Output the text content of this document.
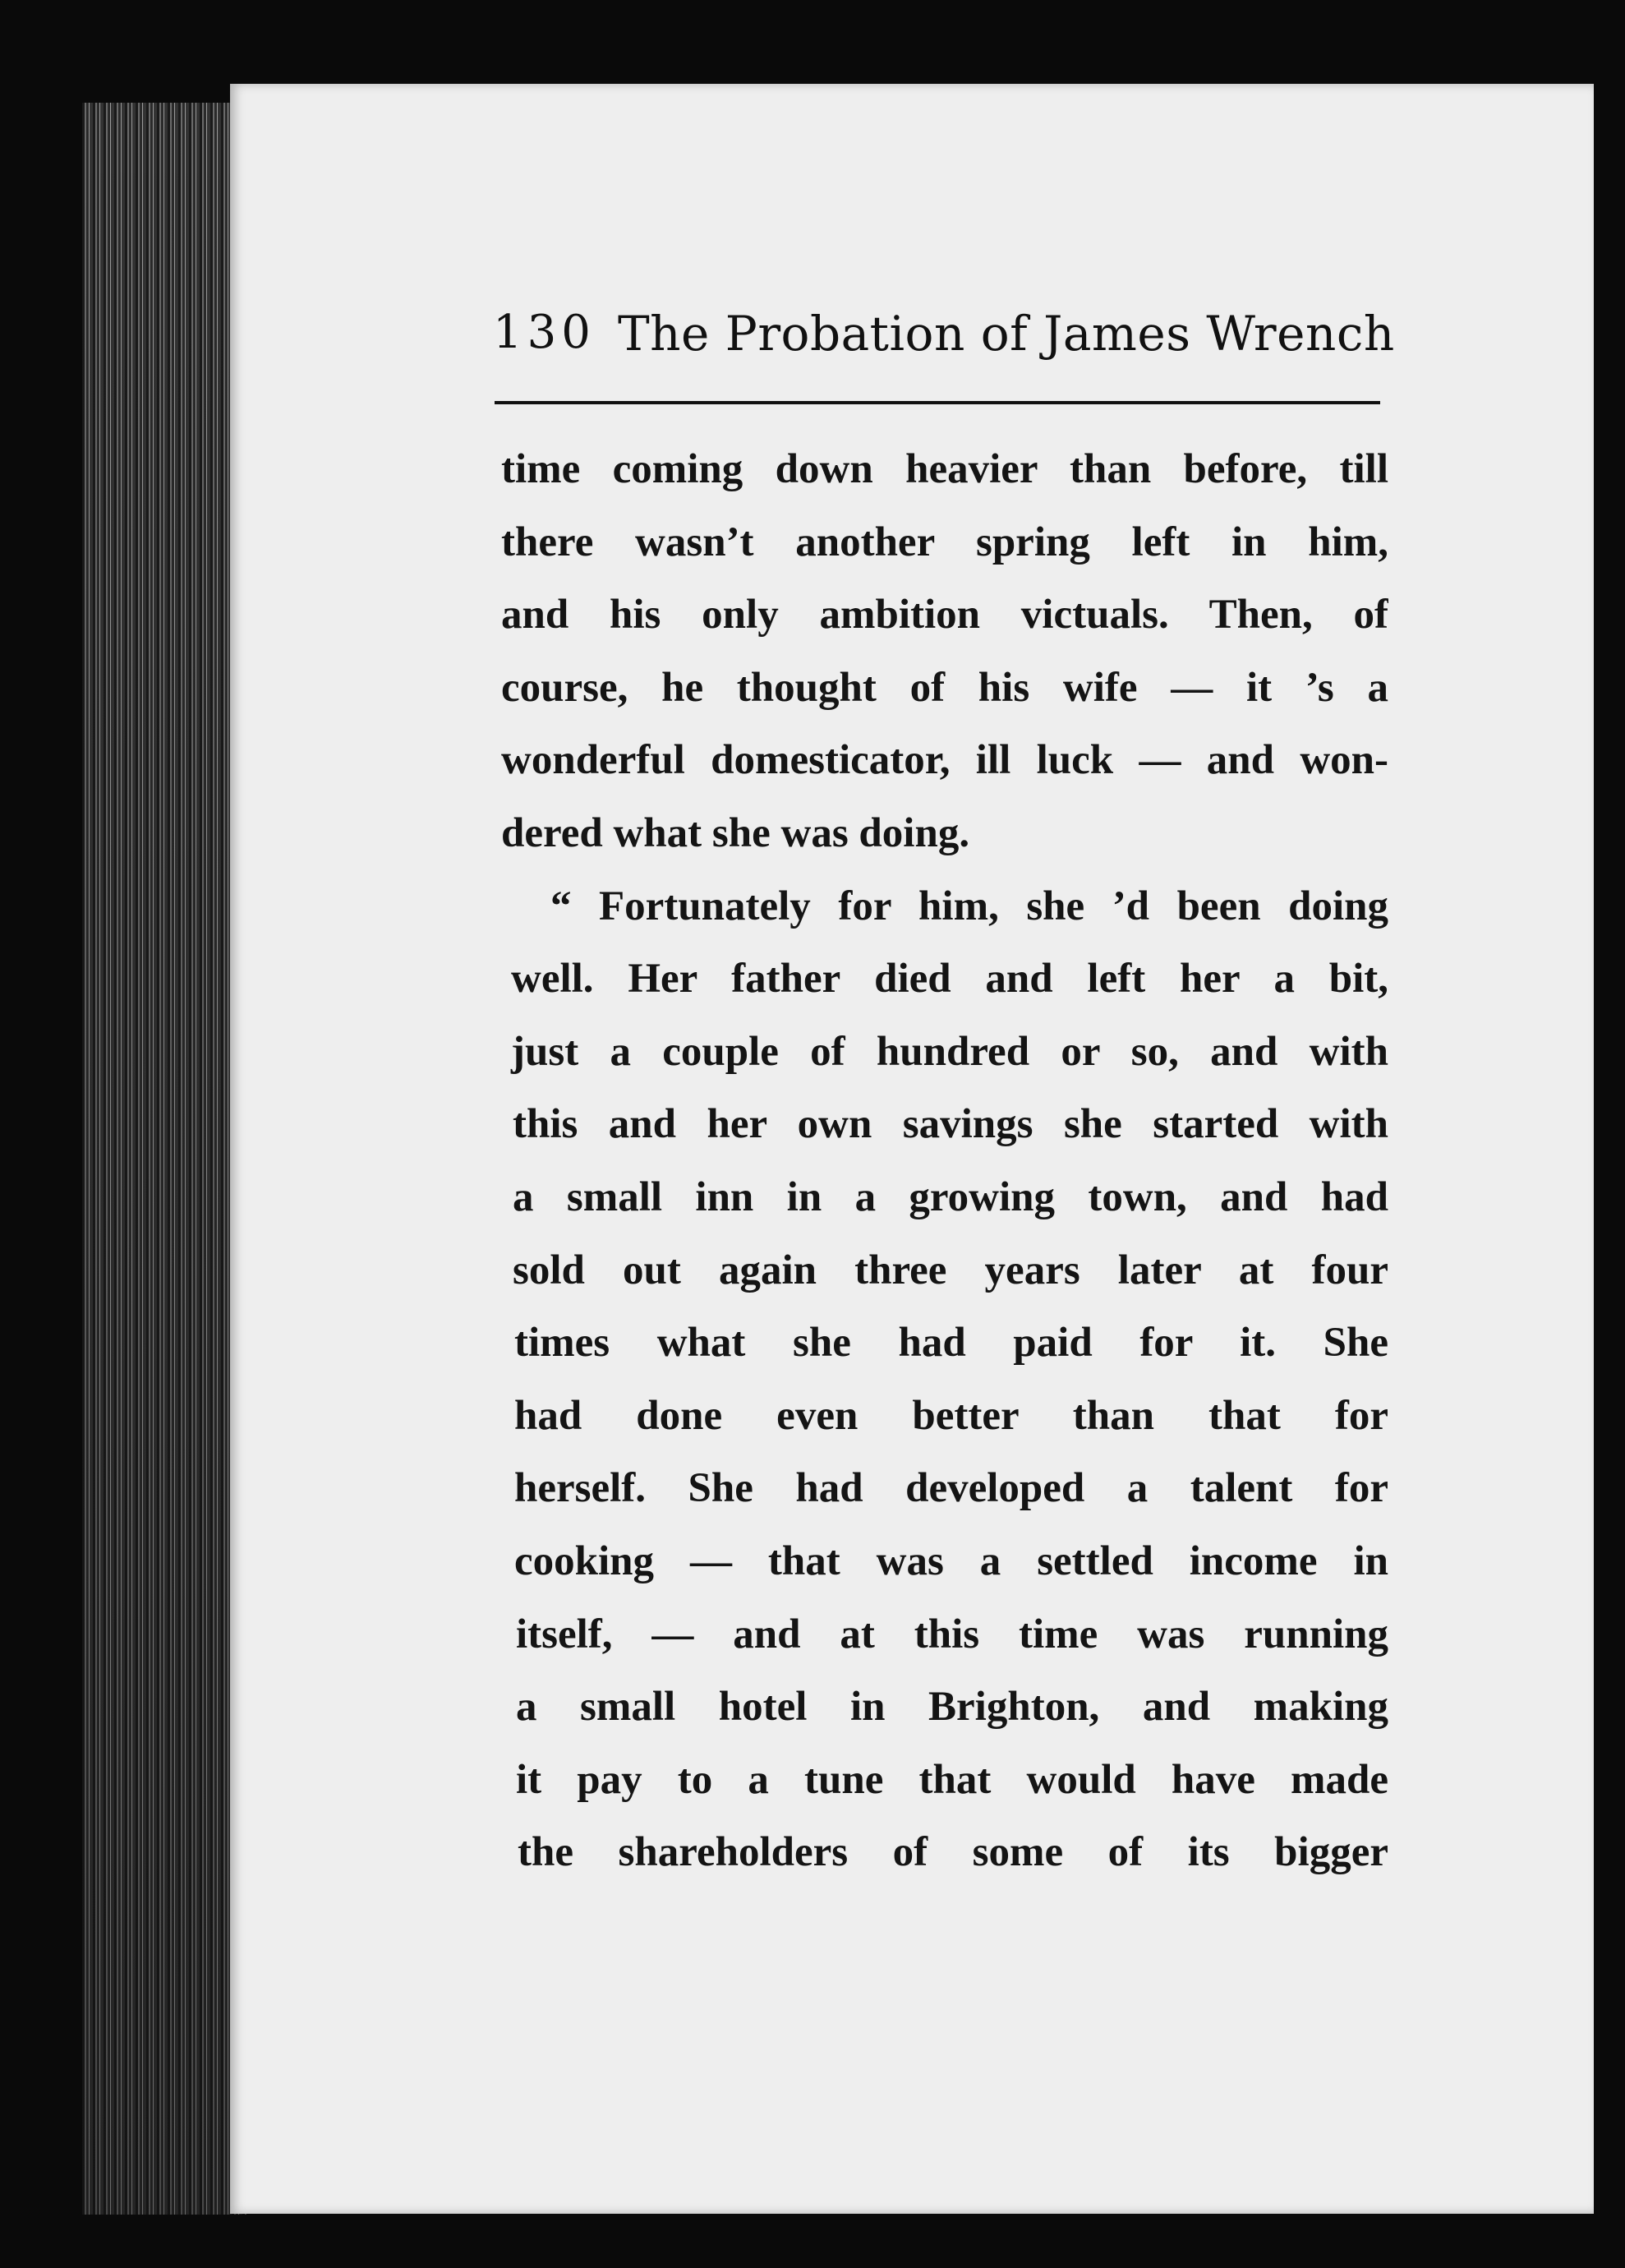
130 The Probation of James Wrench
time coming down heavier than before, till
there wasn’t another spring left in him,
and his only ambition victuals. Then, of
course, he thought of his wife — it ’s a
wonderful domesticator, ill luck — and won-
dered what she was doing.
“ Fortunately for him, she ’d been doing
well. Her father died and left her a bit,
just a couple of hundred or so, and with
this and her own savings she started with
a small inn in a growing town, and had
sold out again three years later at four
times what she had paid for it. She
had done even better than that for
herself. She had developed a talent for
cooking — that was a settled income in
itself, — and at this time was running
a small hotel in Brighton, and making
it pay to a tune that would have made
the shareholders of some of its bigger
